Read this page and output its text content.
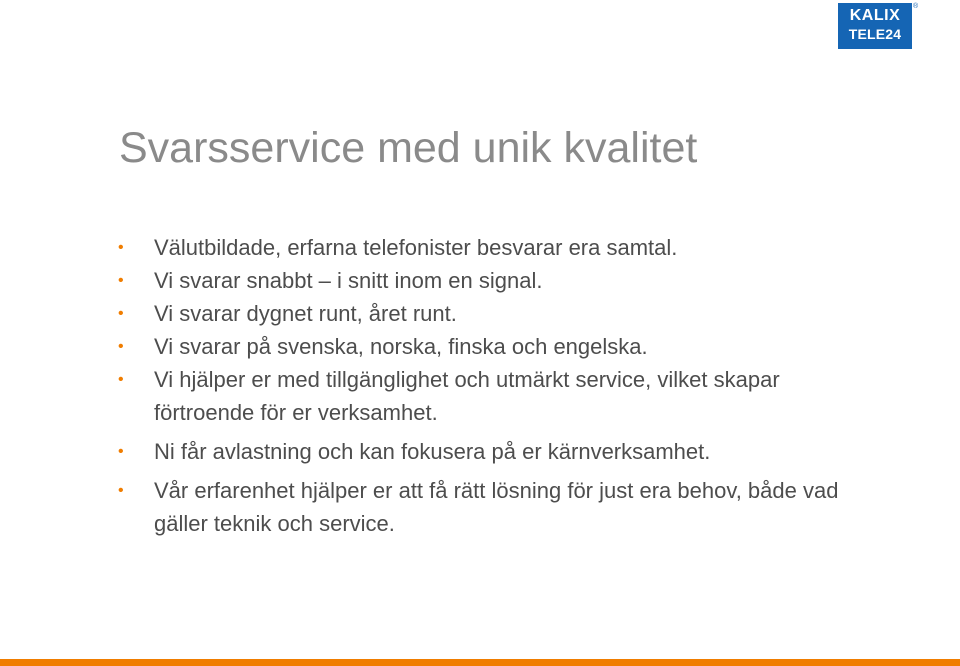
KALIX
TELE24
®
Svarsservice med unik kvalitet
• Välutbildade, erfarna telefonister besvarar era samtal.
• Vi svarar snabbt – i snitt inom en signal.
• Vi svarar dygnet runt, året runt.
• Vi svarar på svenska, norska, finska och engelska.
• Vi hjälper er med tillgänglighet och utmärkt service, vilket skapar förtroende för er verksamhet.
• Ni får avlastning och kan fokusera på er kärnverksamhet.
• Vår erfarenhet hjälper er att få rätt lösning för just era behov, både vad gäller teknik och service.
